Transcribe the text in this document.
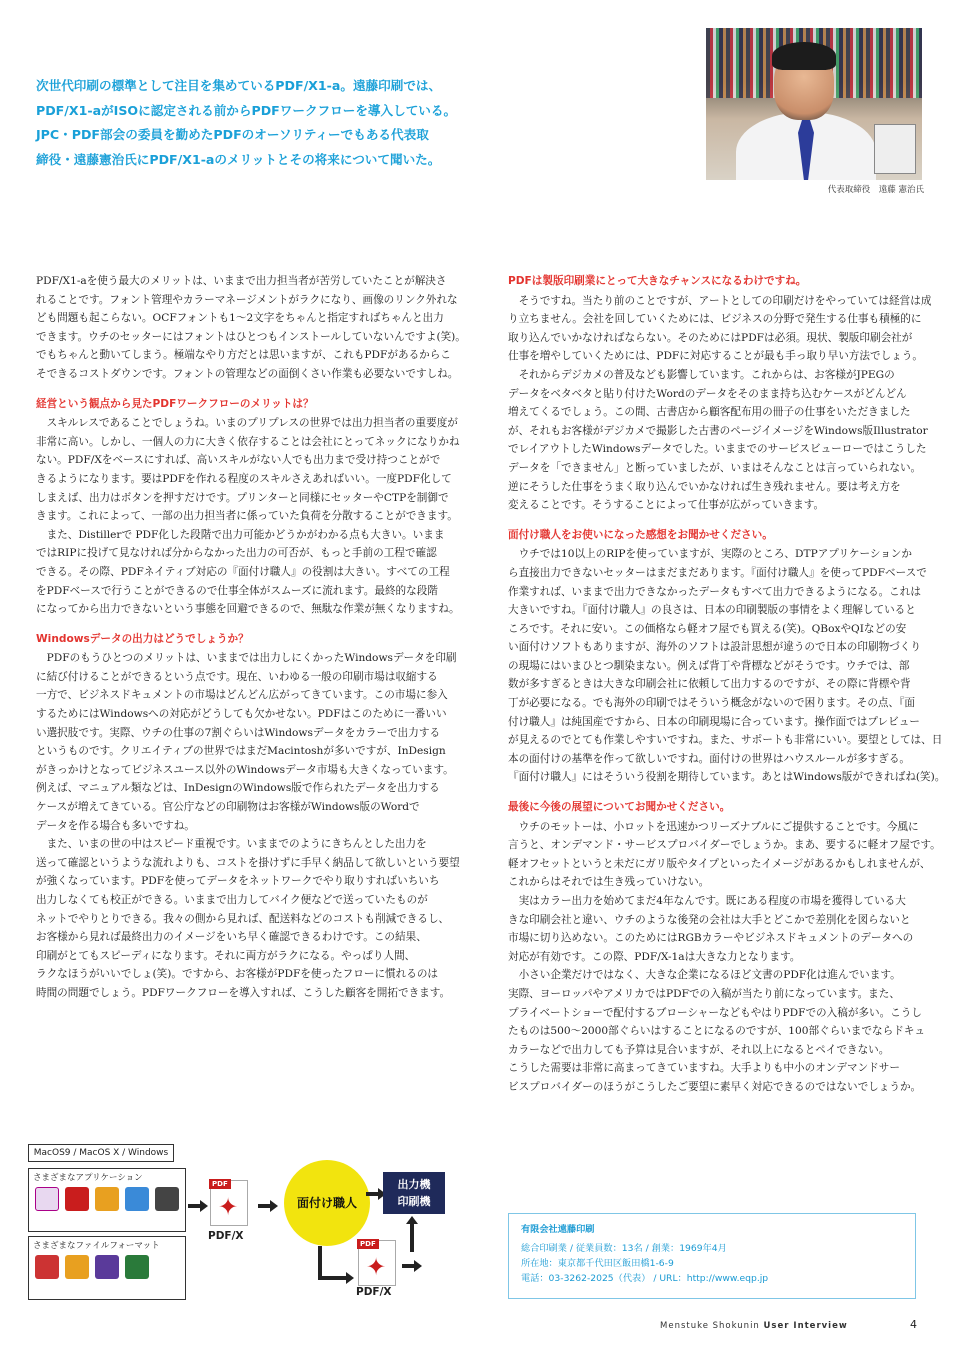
次世代印刷の標準として注目を集めているPDF/X1-a。遠藤印刷では、

PDF/X1-aがISOに認定される前からPDFワークフローを導入している。

JPC・PDF部会の委員を勤めたPDFのオーソリティーでもある代表取

締役・遠藤憲治氏にPDF/X1-aのメリットとその将来について聞いた。

代表取締役　遠藤 憲治氏

PDF/X1-aを使う最大のメリットは、いままで出力担当者が苦労していたことが解決さ

れることです。フォント管理やカラーマネージメントがラクになり、画像のリンク外れな

ども問題も起こらない。OCFフォントも1〜2文字をちゃんと指定すればちゃんと出力

できます。ウチのセッターにはフォントはひとつもインストールしていないんですよ(笑)。

でもちゃんと動いてしまう。極端なやり方だとは思いますが、これもPDFがあるからこ

そできるコストダウンです。フォントの管理などの面倒くさい作業も必要ないですしね。

経営という観点から見たPDFワークフローのメリットは？

　スキルレスであることでしょうね。いまのプリプレスの世界では出力担当者の重要度が

非常に高い。しかし、一個人の力に大きく依存することは会社にとってネックになりかね

ない。PDF/Xをベースにすれば、高いスキルがない人でも出力まで受け持つことがで

きるようになります。要はPDFを作れる程度のスキルさえあればいい。一度PDF化して

しまえば、出力はボタンを押すだけです。プリンターと同様にセッターやCTPを制御で

きます。これによって、一部の出力担当者に係っていた負荷を分散することができます。

　また、Distillerで PDF化した段階で出力可能かどうかがわかる点も大きい。いまま

ではRIPに投げて見なければ分からなかった出力の可否が、もっと手前の工程で確認

できる。その際、PDFネイティブ対応の『面付け職人』の役割は大きい。すべての工程

をPDFベースで行うことができるので仕事全体がスムーズに流れます。最終的な段階

になってから出力できないという事態を回避できるので、無駄な作業が無くなりますね。

Windowsデータの出力はどうでしょうか？

　PDFのもうひとつのメリットは、いままでは出力しにくかったWindowsデータを印刷

に結び付けることができるという点です。現在、いわゆる一般の印刷市場は収縮する

一方で、ビジネスドキュメントの市場はどんどん広がってきています。この市場に参入

するためにはWindowsへの対応がどうしても欠かせない。PDFはこのために一番いい

い選択肢です。実際、ウチの仕事の7割ぐらいはWindowsデータをカラーで出力する

というものです。クリエイティブの世界ではまだMacintoshが多いですが、InDesign

がきっかけとなってビジネスユース以外のWindowsデータ市場も大きくなっています。

例えば、マニュアル類などは、InDesignのWindows版で作られたデータを出力する

ケースが増えてきている。官公庁などの印刷物はお客様がWindows版のWordで

データを作る場合も多いですね。

　また、いまの世の中はスピード重視です。いままでのようにきちんとした出力を

送って確認というような流れよりも、コストを掛けずに手早く納品して欲しいという要望

が強くなっています。PDFを使ってデータをネットワークでやり取りすればいちいち

出力しなくても校正ができる。いままで出力してバイク便などで送っていたものが

ネットでやりとりできる。我々の側から見れば、配送料などのコストも削減できるし、

お客様から見れば最終出力のイメージをいち早く確認できるわけです。この結果、

印刷がとてもスピーディになります。それに両方がラクになる。やっぱり人間、

ラクなほうがいいでしょ(笑)。ですから、お客様がPDFを使ったフローに慣れるのは

時間の問題でしょう。PDFワークフローを導入すれば、こうした顧客を開拓できます。

PDFは製版印刷業にとって大きなチャンスになるわけですね。

　そうですね。当たり前のことですが、アートとしての印刷だけをやっていては経営は成

り立ちません。会社を回していくためには、ビジネスの分野で発生する仕事も積極的に

取り込んでいかなければならない。そのためにはPDFは必須。現状、製版印刷会社が

仕事を増やしていくためには、PDFに対応することが最も手っ取り早い方法でしょう。

　それからデジカメの普及なども影響しています。これからは、お客様がJPEGの

データをベタベタと貼り付けたWordのデータをそのまま持ち込むケースがどんどん

増えてくるでしょう。この間、古書店から顧客配布用の冊子の仕事をいただきました

が、それもお客様がデジカメで撮影した古書のページイメージをWindows版Illustrator

でレイアウトしたWindowsデータでした。いままでのサービスビューローではこうした

データを「できません」と断っていましたが、いまはそんなことは言っていられない。

逆にそうした仕事をうまく取り込んでいかなければ生き残れません。要は考え方を

変えることです。そうすることによって仕事が広がっていきます。

面付け職人をお使いになった感想をお聞かせください。

　ウチでは10以上のRIPを使っていますが、実際のところ、DTPアプリケーションか

ら直接出力できないセッターはまだまだあります。『面付け職人』を使ってPDFベースで

作業すれば、いままで出力できなかったデータもすべて出力できるようになる。これは

大きいですね。『面付け職人』の良さは、日本の印刷製版の事情をよく理解していると

ころです。それに安い。この価格なら軽オフ屋でも買える(笑)。QBoxやQIなどの安

い面付けソフトもありますが、海外のソフトは設計思想が違うので日本の印刷物づくり

の現場にはいまひとつ馴染まない。例えば背丁や背標などがそうです。ウチでは、部

数が多すぎるときは大きな印刷会社に依頼して出力するのですが、その際に背標や背

丁が必要になる。でも海外の印刷ではそういう概念がないので困ります。その点、『面

付け職人』は純国産ですから、日本の印刷現場に合っています。操作面ではプレビュー

が見えるのでとても作業しやすいですね。また、サポートも非常にいい。要望としては、日

本の面付けの基準を作って欲しいですね。面付けの世界はハウスルールが多すぎる。

『面付け職人』にはそういう役割を期待しています。あとはWindows版ができればね(笑)。

最後に今後の展望についてお聞かせください。

　ウチのモットーは、小ロットを迅速かつリーズナブルにご提供することです。今風に

言うと、オンデマンド・サービスプロバイダーでしょうか。まあ、要するに軽オフ屋です。

軽オフセットというと未だにガリ版やタイプといったイメージがあるかもしれませんが、

これからはそれでは生き残っていけない。

　実はカラー出力を始めてまだ4年なんです。既にある程度の市場を獲得している大

きな印刷会社と違い、ウチのような後発の会社は大手とどこかで差別化を図らないと

市場に切り込めない。このためにはRGBカラーやビジネスドキュメントのデータへの

対応が有効です。この際、PDF/X-1aは大きな力となります。

　小さい企業だけではなく、大きな企業になるほど文書のPDF化は進んでいます。

実際、ヨーロッパやアメリカではPDFでの入稿が当たり前になっています。また、

プライベートショーで配付するブローシャーなどもやはりPDFでの入稿が多い。こうし

たものは500〜2000部ぐらいはすることになるのですが、100部ぐらいまでならドキュ

カラーなどで出力しても予算は見合いますが、それ以上になるとペイできない。

こうした需要は非常に高まってきていますね。大手よりも中小のオンデマンドサー

ビスプロバイダーのほうがこうしたご要望に素早く対応できるのではないでしょうか。

MacOS9 / MacOS X / Windows
さまざまなアプリケーション
さまざまなファイルフォーマット
PDF
✦
PDF/X
面付け職人
出力機
印刷機
PDF
✦
PDF/X
有限会社遠藤印刷
総合印刷業 / 従業員数：13名 / 創業：1969年4月
所在地：東京都千代田区飯田橋1-6-9
電話：03-3262-2025（代表） / URL：http://www.eqp.jp
Menstuke Shokunin User Interview	4
